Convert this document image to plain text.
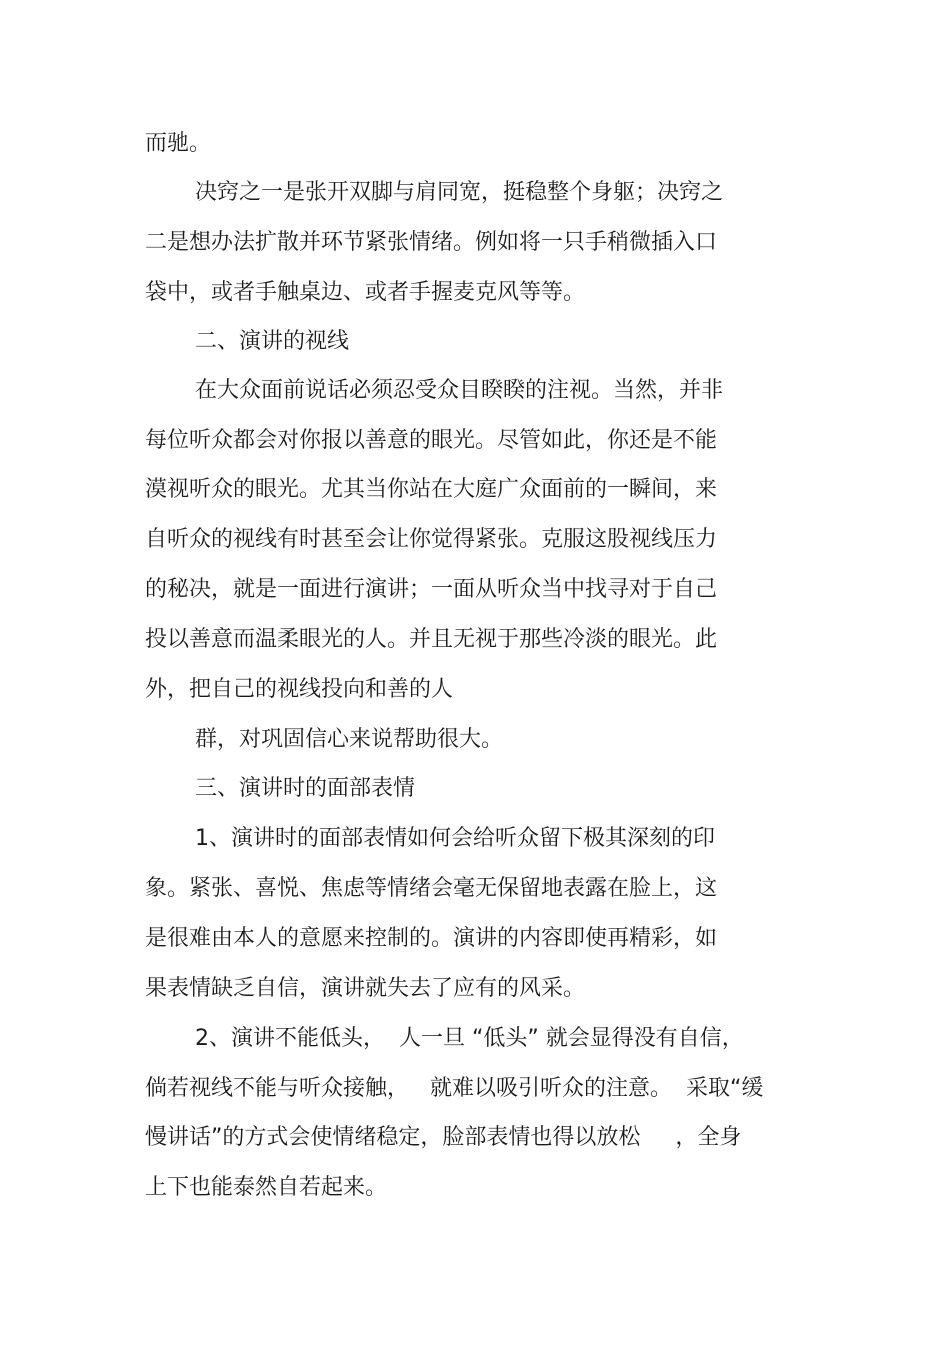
而驰。
决窍之一是张开双脚与肩同宽，挺稳整个身躯；决窍之
二是想办法扩散并环节紧张情绪。例如将一只手稍微插入口
袋中，或者手触桌边、或者手握麦克风等等。
二、演讲的视线
在大众面前说话必须忍受众目睽睽的注视。当然，并非
每位听众都会对你报以善意的眼光。尽管如此，你还是不能
漠视听众的眼光。尤其当你站在大庭广众面前的一瞬间，来
自听众的视线有时甚至会让你觉得紧张。克服这股视线压力
的秘决，就是一面进行演讲；一面从听众当中找寻对于自己
投以善意而温柔眼光的人。并且无视于那些冷淡的眼光。此
外，把自己的视线投向和善的人
群，对巩固信心来说帮助很大。
三、演讲时的面部表情
1、演讲时的面部表情如何会给听众留下极其深刻的印
象。紧张、喜悦、焦虑等情绪会毫无保留地表露在脸上，这
是很难由本人的意愿来控制的。演讲的内容即使再精彩，如
果表情缺乏自信，演讲就失去了应有的风采。
2、演讲不能低头，  人一旦 “低头” 就会显得没有自信，
倘若视线不能与听众接触，   就难以吸引听众的注意。  采取“缓
慢讲话”的方式会使情绪稳定，脸部表情也得以放松     ，全身
上下也能泰然自若起来。
